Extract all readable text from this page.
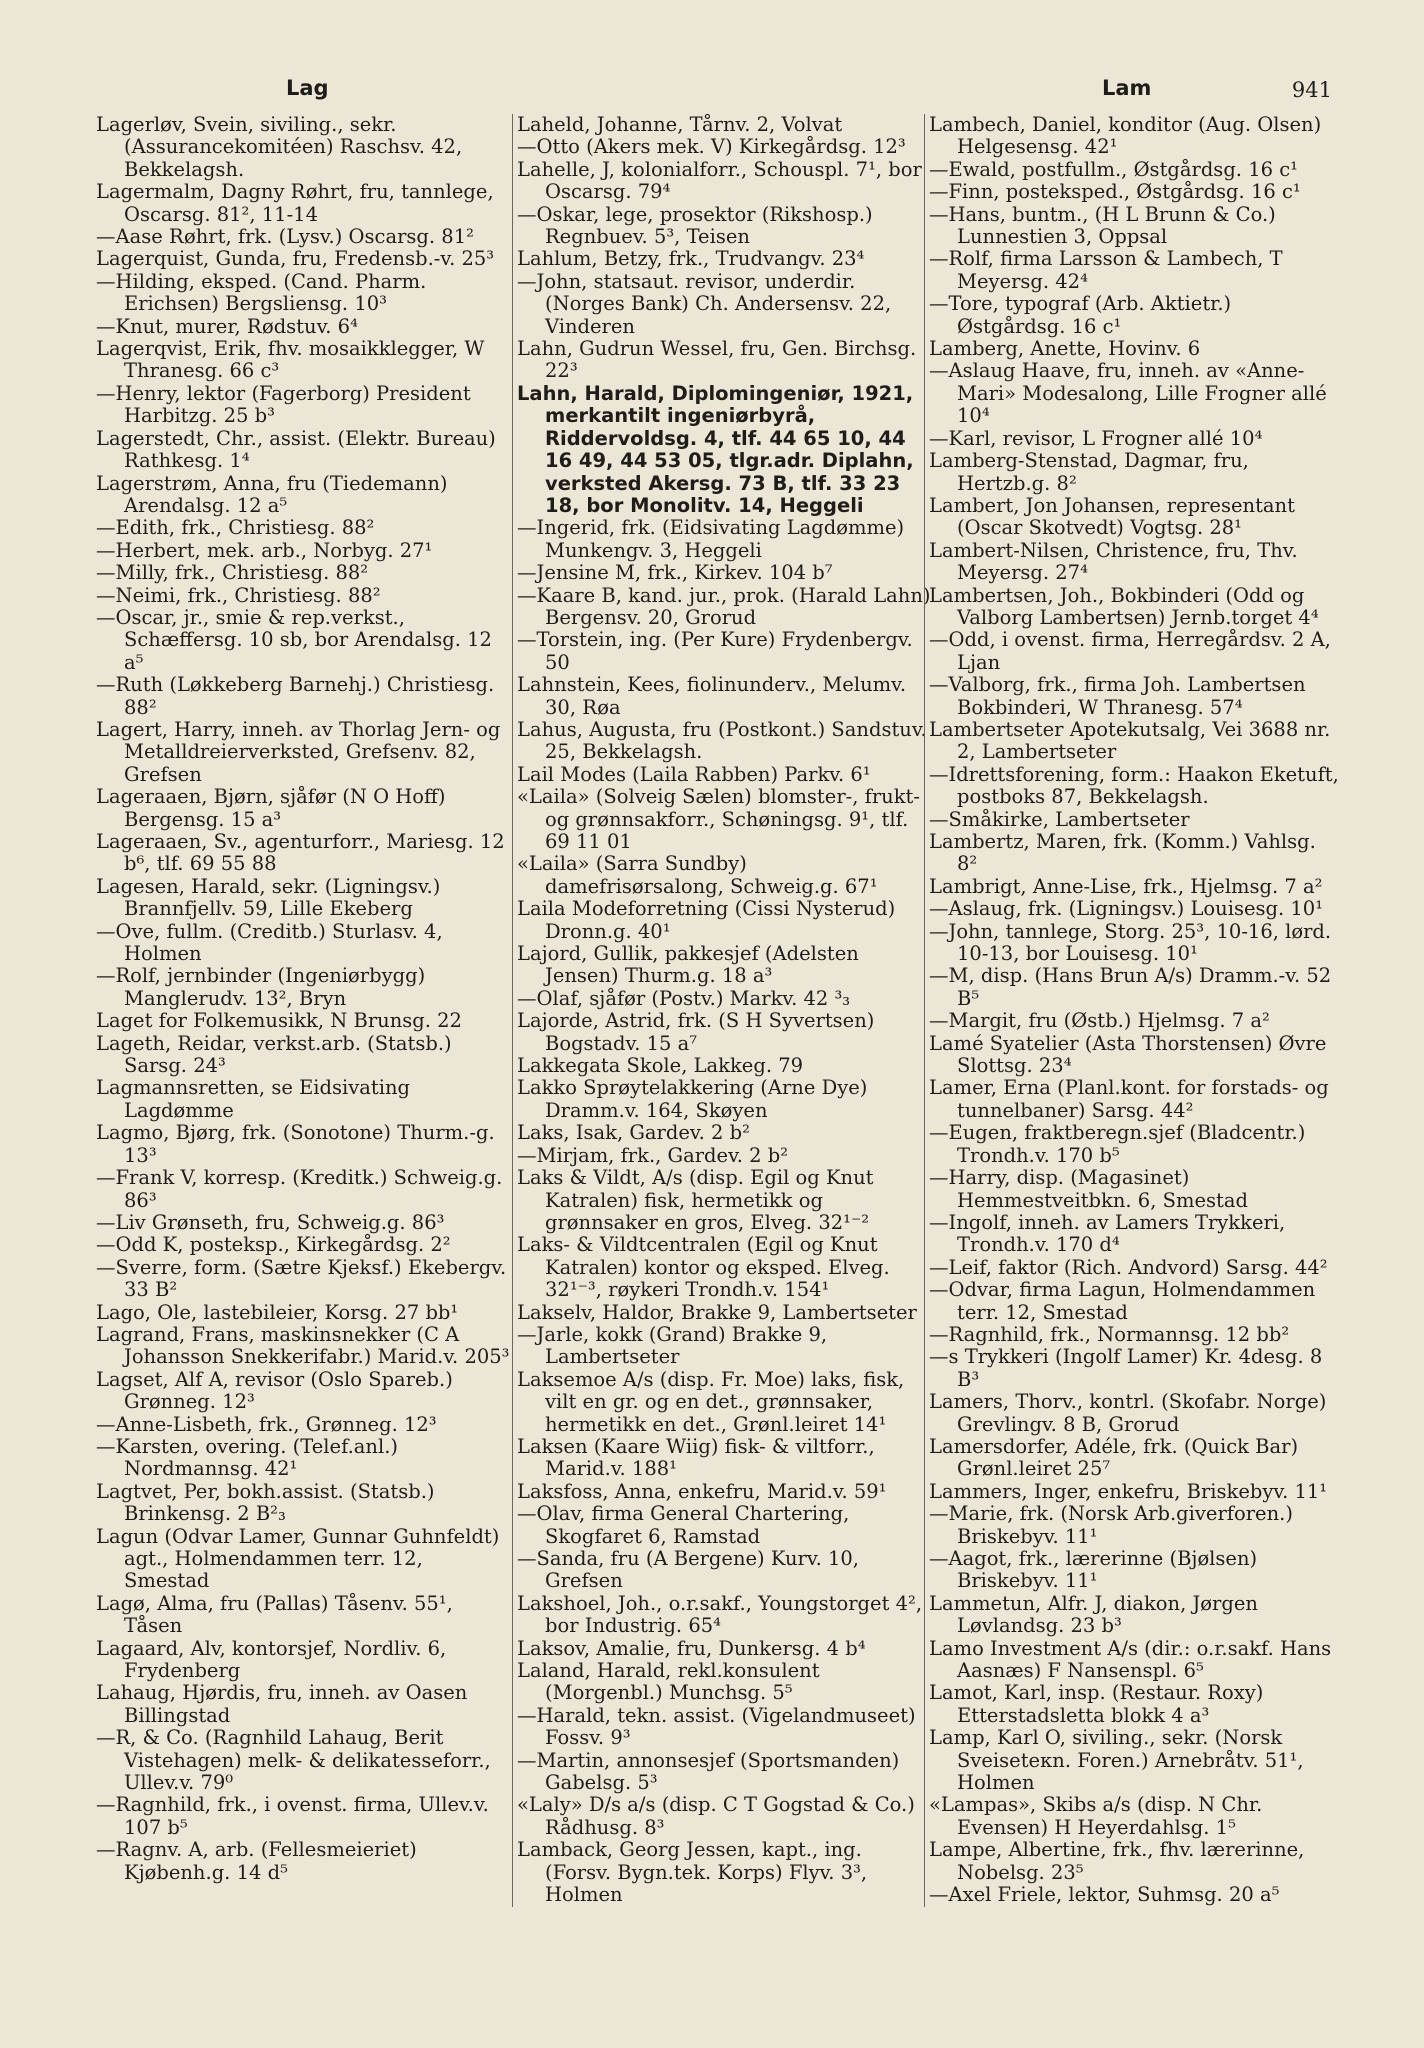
Lag	Lam	941

Lagerløv, Svein, siviling., sekr. (Assurancekomitéen) Raschsv. 42, Bekkelagsh.

Lagermalm, Dagny Røhrt, fru, tannlege, Oscarsg. 81², 11-14

—Aase Røhrt, frk. (Lysv.) Oscarsg. 81²

Lagerquist, Gunda, fru, Fredensb.-v. 25³

—Hilding, eksped. (Cand. Pharm. Erichsen) Bergsliensg. 10³

—Knut, murer, Rødstuv. 6⁴

Lagerqvist, Erik, fhv. mosaikklegger, W Thranesg. 66 c³

—Henry, lektor (Fagerborg) President Harbitzg. 25 b³

Lagerstedt, Chr., assist. (Elektr. Bureau) Rathkesg. 1⁴

Lagerstrøm, Anna, fru (Tiedemann) Arendalsg. 12 a⁵

—Edith, frk., Christiesg. 88²

—Herbert, mek. arb., Norbyg. 27¹

—Milly, frk., Christiesg. 88²

—Neimi, frk., Christiesg. 88²

—Oscar, jr., smie & rep.verkst., Schæffersg. 10 sb, bor Arendalsg. 12 a⁵

—Ruth (Løkkeberg Barnehj.) Christiesg. 88²

Lagert, Harry, inneh. av Thorlag Jern- og Metalldreierverksted, Grefsenv. 82, Grefsen

Lageraaen, Bjørn, sjåfør (N O Hoff) Bergensg. 15 a³

Lageraaen, Sv., agenturforr., Mariesg. 12 b⁶, tlf. 69 55 88

Lagesen, Harald, sekr. (Ligningsv.) Brannfjellv. 59, Lille Ekeberg

—Ove, fullm. (Creditb.) Sturlasv. 4, Holmen

—Rolf, jernbinder (Ingeniørbygg) Manglerudv. 13², Bryn

Laget for Folkemusikk, N Brunsg. 22

Lageth, Reidar, verkst.arb. (Statsb.) Sarsg. 24³

Lagmannsretten, se Eidsivating Lagdømme

Lagmo, Bjørg, frk. (Sonotone) Thurm.-g. 13³

—Frank V, korresp. (Kreditk.) Schweig.g. 86³

—Liv Grønseth, fru, Schweig.g. 86³

—Odd K, posteksp., Kirkegårdsg. 2²

—Sverre, form. (Sætre Kjeksf.) Ekebergv. 33 B²

Lago, Ole, lastebileier, Korsg. 27 bb¹

Lagrand, Frans, maskinsnekker (C A Johansson Snekkerifabr.) Marid.v. 205³

Lagset, Alf A, revisor (Oslo Spareb.) Grønneg. 12³

—Anne-Lisbeth, frk., Grønneg. 12³

—Karsten, overing. (Telef.anl.) Nordmannsg. 42¹

Lagtvet, Per, bokh.assist. (Statsb.) Brinkensg. 2 B²₃

Lagun (Odvar Lamer, Gunnar Guhnfeldt) agt., Holmendammen terr. 12, Smestad

Lagø, Alma, fru (Pallas) Tåsenv. 55¹, Tåsen

Lagaard, Alv, kontorsjef, Nordliv. 6, Frydenberg

Lahaug, Hjørdis, fru, inneh. av Oasen Billingstad

—R, & Co. (Ragnhild Lahaug, Berit Vistehagen) melk- & delikatesseforr., Ullev.v. 79⁰

—Ragnhild, frk., i ovenst. firma, Ullev.v. 107 b⁵

—Ragnv. A, arb. (Fellesmeieriet) Kjøbenh.g. 14 d⁵

Laheld, Johanne, Tårnv. 2, Volvat

—Otto (Akers mek. V) Kirkegårdsg. 12³

Lahelle, J, kolonialforr., Schouspl. 7¹, bor Oscarsg. 79⁴

—Oskar, lege, prosektor (Rikshosp.) Regnbuev. 5³, Teisen

Lahlum, Betzy, frk., Trudvangv. 23⁴

—John, statsaut. revisor, underdir. (Norges Bank) Ch. Andersensv. 22, Vinderen

Lahn, Gudrun Wessel, fru, Gen. Birchsg. 22³

Lahn, Harald, Diplomingeniør, 1921, merkantilt ingeniørbyrå, Riddervoldsg. 4, tlf. 44 65 10, 44 16 49, 44 53 05, tlgr.adr. Diplahn, verksted Akersg. 73 B, tlf. 33 23 18, bor Monolitv. 14, Heggeli

—Ingerid, frk. (Eidsivating Lagdømme) Munkengv. 3, Heggeli

—Jensine M, frk., Kirkev. 104 b⁷

—Kaare B, kand. jur., prok. (Harald Lahn) Bergensv. 20, Grorud

—Torstein, ing. (Per Kure) Frydenbergv. 50

Lahnstein, Kees, fiolinunderv., Melumv. 30, Røa

Lahus, Augusta, fru (Postkont.) Sandstuv. 25, Bekkelagsh.

Lail Modes (Laila Rabben) Parkv. 6¹

«Laila» (Solveig Sælen) blomster-, frukt- og grønnsakforr., Schøningsg. 9¹, tlf. 69 11 01

«Laila» (Sarra Sundby) damefrisørsalong, Schweig.g. 67¹

Laila Modeforretning (Cissi Nysterud) Dronn.g. 40¹

Lajord, Gullik, pakkesjef (Adelsten Jensen) Thurm.g. 18 a³

—Olaf, sjåfør (Postv.) Markv. 42 ³₃

Lajorde, Astrid, frk. (S H Syvertsen) Bogstadv. 15 a⁷

Lakkegata Skole, Lakkeg. 79

Lakko Sprøytelakkering (Arne Dye) Dramm.v. 164, Skøyen

Laks, Isak, Gardev. 2 b²

—Mirjam, frk., Gardev. 2 b²

Laks & Vildt, A/s (disp. Egil og Knut Katralen) fisk, hermetikk og grønnsaker en gros, Elveg. 32¹⁻²

Laks- & Vildtcentralen (Egil og Knut Katralen) kontor og eksped. Elveg. 32¹⁻³, røykeri Trondh.v. 154¹

Lakselv, Haldor, Brakke 9, Lambertseter

—Jarle, kokk (Grand) Brakke 9, Lambertseter

Laksemoe A/s (disp. Fr. Moe) laks, fisk, vilt en gr. og en det., grønnsaker, hermetikk en det., Grønl.leiret 14¹

Laksen (Kaare Wiig) fisk- & viltforr., Marid.v. 188¹

Laksfoss, Anna, enkefru, Marid.v. 59¹

—Olav, firma General Chartering, Skogfaret 6, Ramstad

—Sanda, fru (A Bergene) Kurv. 10, Grefsen

Lakshoel, Joh., o.r.sakf., Youngstorget 4², bor Industrig. 65⁴

Laksov, Amalie, fru, Dunkersg. 4 b⁴

Laland, Harald, rekl.konsulent (Morgenbl.) Munchsg. 5⁵

—Harald, tekn. assist. (Vigelandmuseet) Fossv. 9³

—Martin, annonsesjef (Sportsmanden) Gabelsg. 5³

«Laly» D/s a/s (disp. C T Gogstad & Co.) Rådhusg. 8³

Lamback, Georg Jessen, kapt., ing. (Forsv. Bygn.tek. Korps) Flyv. 3³, Holmen

Lambech, Daniel, konditor (Aug. Olsen) Helgesensg. 42¹

—Ewald, postfullm., Østgårdsg. 16 c¹

—Finn, posteksped., Østgårdsg. 16 c¹

—Hans, buntm., (H L Brunn & Co.) Lunnestien 3, Oppsal

—Rolf, firma Larsson & Lambech, T Meyersg. 42⁴

—Tore, typograf (Arb. Aktietr.) Østgårdsg. 16 c¹

Lamberg, Anette, Hovinv. 6

—Aslaug Haave, fru, inneh. av «Anne-Mari» Modesalong, Lille Frogner allé 10⁴

—Karl, revisor, L Frogner allé 10⁴

Lamberg-Stenstad, Dagmar, fru, Hertzb.g. 8²

Lambert, Jon Johansen, representant (Oscar Skotvedt) Vogtsg. 28¹

Lambert-Nilsen, Christence, fru, Thv. Meyersg. 27⁴

Lambertsen, Joh., Bokbinderi (Odd og Valborg Lambertsen) Jernb.torget 4⁴

—Odd, i ovenst. firma, Herregårdsv. 2 A, Ljan

—Valborg, frk., firma Joh. Lambertsen Bokbinderi, W Thranesg. 57⁴

Lambertseter Apotekutsalg, Vei 3688 nr. 2, Lambertseter

—Idrettsforening, form.: Haakon Eketuft, postboks 87, Bekkelagsh.

—Småkirke, Lambertseter

Lambertz, Maren, frk. (Komm.) Vahlsg. 8²

Lambrigt, Anne-Lise, frk., Hjelmsg. 7 a²

—Aslaug, frk. (Ligningsv.) Louisesg. 10¹

—John, tannlege, Storg. 25³, 10-16, lørd. 10-13, bor Louisesg. 10¹

—M, disp. (Hans Brun A/s) Dramm.-v. 52 B⁵

—Margit, fru (Østb.) Hjelmsg. 7 a²

Lamé Syatelier (Asta Thorstensen) Øvre Slottsg. 23⁴

Lamer, Erna (Planl.kont. for forstads- og tunnelbaner) Sarsg. 44²

—Eugen, fraktberegn.sjef (Bladcentr.) Trondh.v. 170 b⁵

—Harry, disp. (Magasinet) Hemmestveitbkn. 6, Smestad

—Ingolf, inneh. av Lamers Trykkeri, Trondh.v. 170 d⁴

—Leif, faktor (Rich. Andvord) Sarsg. 44²

—Odvar, firma Lagun, Holmendammen terr. 12, Smestad

—Ragnhild, frk., Normannsg. 12 bb²

—s Trykkeri (Ingolf Lamer) Kr. 4desg. 8 B³

Lamers, Thorv., kontrl. (Skofabr. Norge) Grevlingv. 8 B, Grorud

Lamersdorfer, Adéle, frk. (Quick Bar) Grønl.leiret 25⁷

Lammers, Inger, enkefru, Briskebyv. 11¹

—Marie, frk. (Norsk Arb.giverforen.) Briskebyv. 11¹

—Aagot, frk., lærerinne (Bjølsen) Briskebyv. 11¹

Lammetun, Alfr. J, diakon, Jørgen Løvlandsg. 23 b³

Lamo Investment A/s (dir.: o.r.sakf. Hans Aasnæs) F Nansenspl. 6⁵

Lamot, Karl, insp. (Restaur. Roxy) Etterstadsletta blokk 4 a³

Lamp, Karl O, siviling., sekr. (Norsk Sveiseteкn. Foren.) Arnebråtv. 51¹, Holmen

«Lampas», Skibs a/s (disp. N Chr. Evensen) H Heyerdahlsg. 1⁵

Lampe, Albertine, frk., fhv. lærerinne, Nobelsg. 23⁵

—Axel Friele, lektor, Suhmsg. 20 a⁵
